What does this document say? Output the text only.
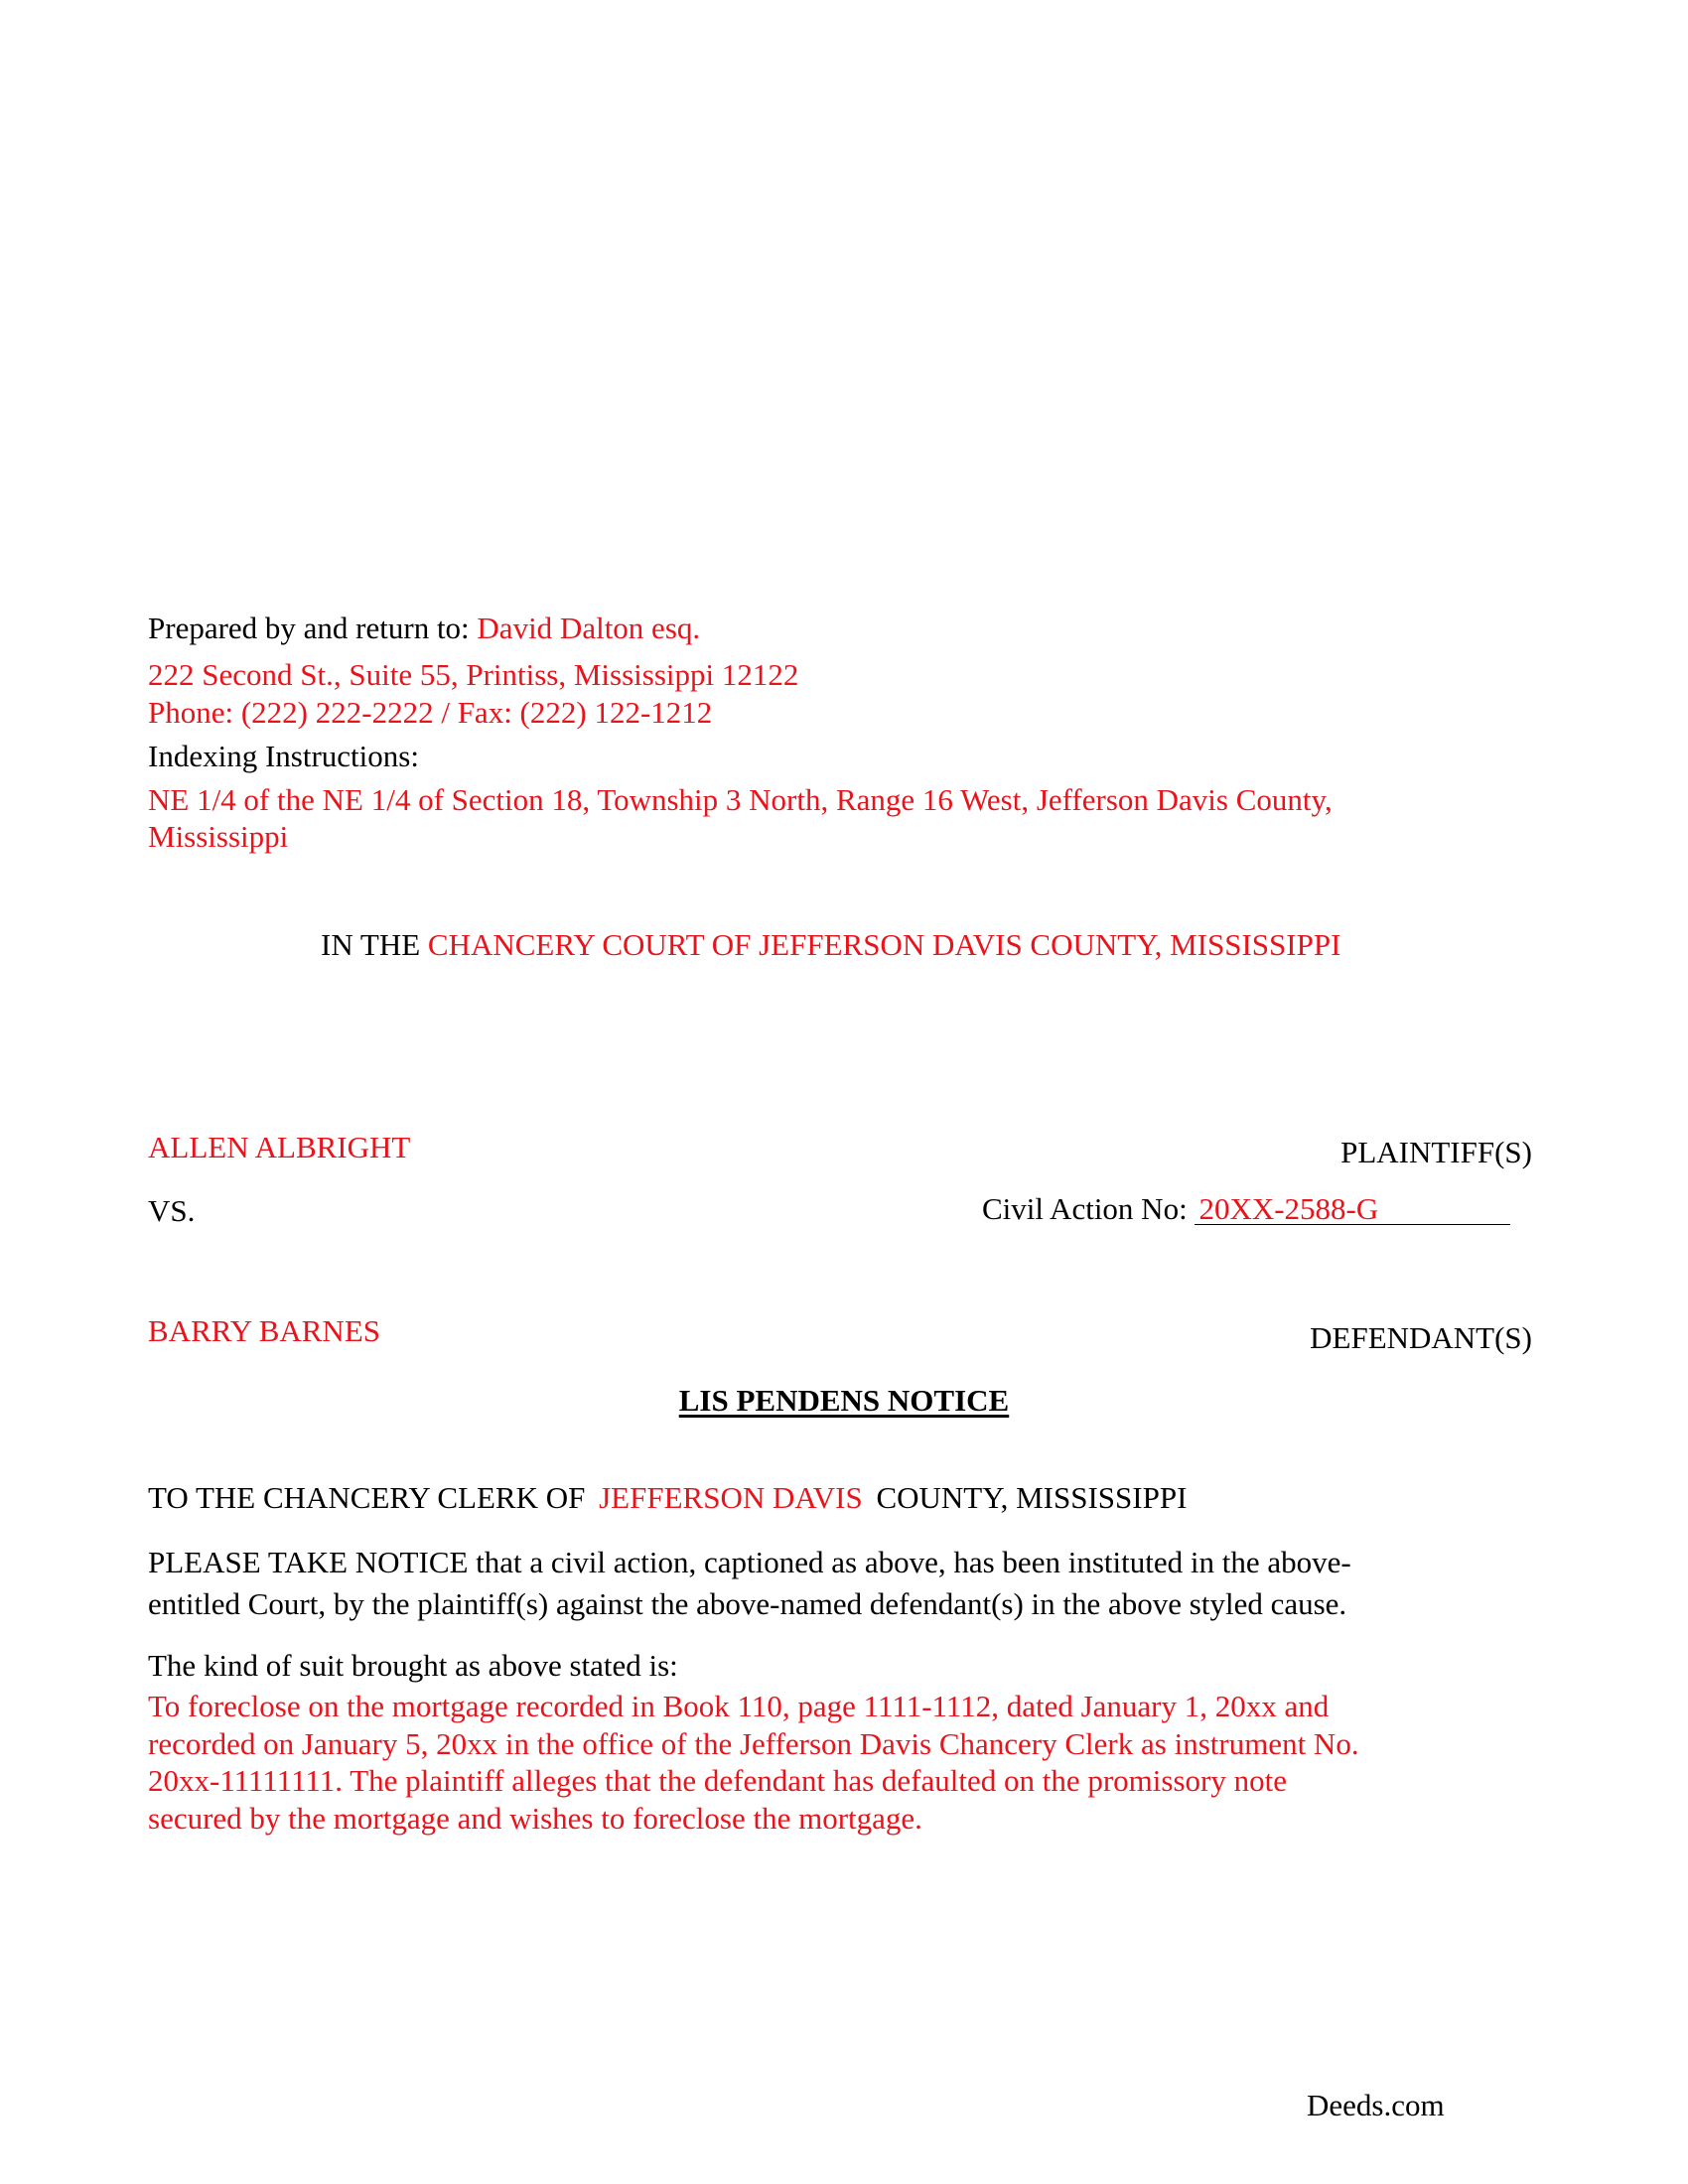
Prepared by and return to: David Dalton esq.
222 Second St., Suite 55, Printiss, Mississippi 12122
Phone: (222) 222-2222 / Fax: (222) 122-1212
Indexing Instructions:
NE 1/4 of the NE 1/4 of Section 18, Township 3 North, Range 16 West, Jefferson Davis County,
Mississippi
IN THE CHANCERY COURT OF JEFFERSON DAVIS COUNTY, MISSISSIPPI
ALLEN ALBRIGHT	PLAINTIFF(S)
VS.	Civil Action No: 20XX-2588-G
BARRY BARNES	DEFENDANT(S)
LIS PENDENS NOTICE
TO THE CHANCERY CLERK OF JEFFERSON DAVIS COUNTY, MISSISSIPPI
PLEASE TAKE NOTICE that a civil action, captioned as above, has been instituted in the above-
entitled Court, by the plaintiff(s) against the above-named defendant(s) in the above styled cause.
The kind of suit brought as above stated is:
To foreclose on the mortgage recorded in Book 110, page 1111-1112, dated January 1, 20xx and
recorded on January 5, 20xx in the office of the Jefferson Davis Chancery Clerk as instrument No.
20xx-11111111. The plaintiff alleges that the defendant has defaulted on the promissory note
secured by the mortgage and wishes to foreclose the mortgage.
Deeds.com
